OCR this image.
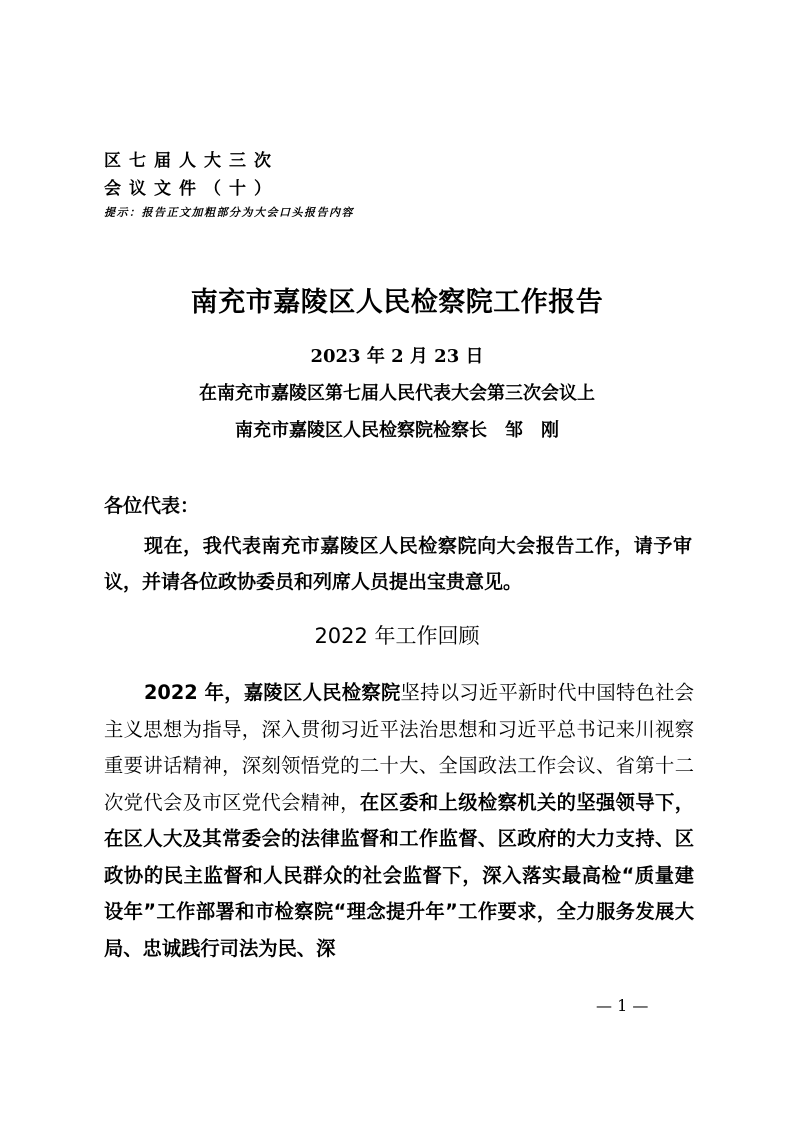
区七届人大三次
会议文件（十）
提示：报告正文加粗部分为大会口头报告内容
南充市嘉陵区人民检察院工作报告
2023 年 2 月 23 日
在南充市嘉陵区第七届人民代表大会第三次会议上
南充市嘉陵区人民检察院检察长　邹　刚
各位代表：
现在，我代表南充市嘉陵区人民检察院向大会报告工作，请予审议，并请各位政协委员和列席人员提出宝贵意见。
2022 年工作回顾

2022 年，嘉陵区人民检察院坚持以习近平新时代中国特色社会主义思想为指导，深入贯彻习近平法治思想和习近平总书记来川视察重要讲话精神，深刻领悟党的二十大、全国政法工作会议、省第十二次党代会及市区党代会精神，在区委和上级检察机关的坚强领导下，在区人大及其常委会的法律监督和工作监督、区政府的大力支持、区政协的民主监督和人民群众的社会监督下，深入落实最高检“质量建设年”工作部署和市检察院“理念提升年”工作要求，全力服务发展大局、忠诚践行司法为民、深

— 1 —
